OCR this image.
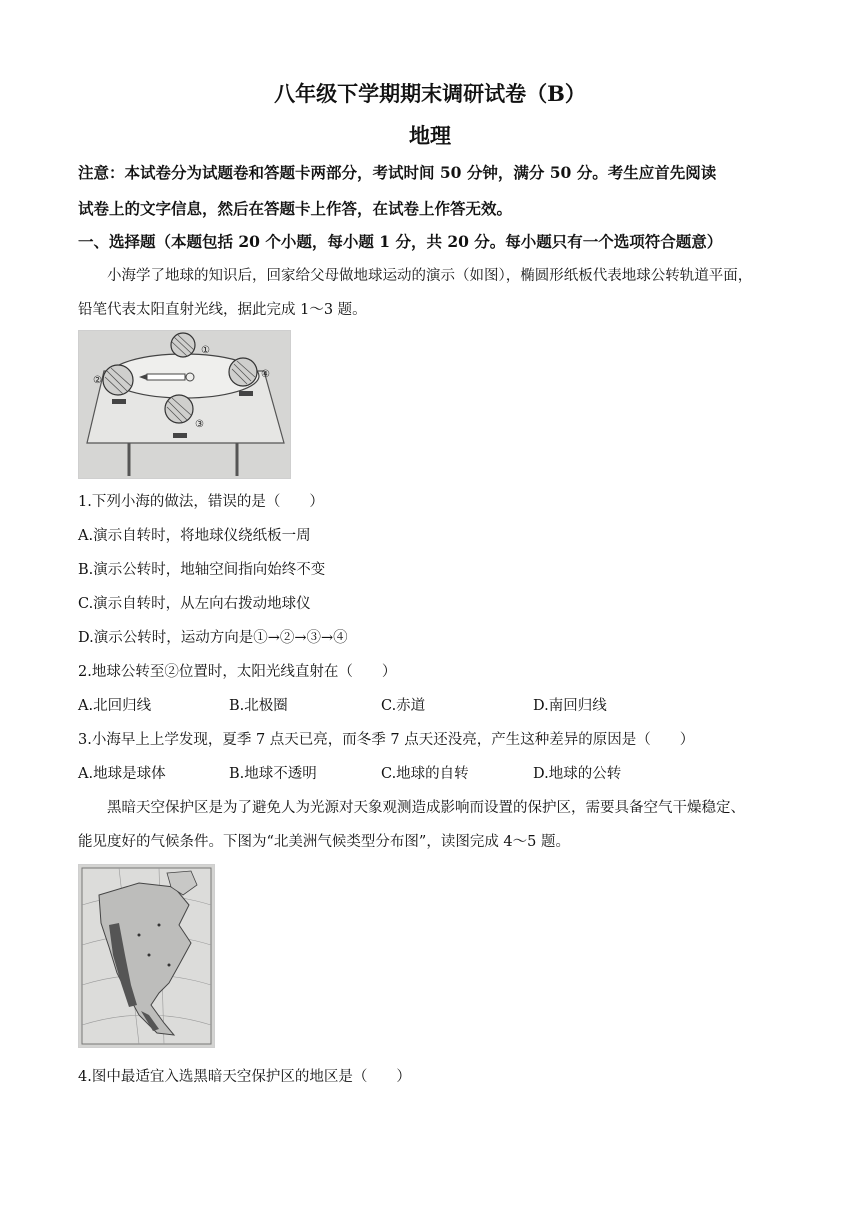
八年级下学期期末调研试卷（B）
地理
注意：本试卷分为试题卷和答题卡两部分，考试时间 50 分钟，满分 50 分。考生应首先阅读
试卷上的文字信息，然后在答题卡上作答，在试卷上作答无效。
一、选择题（本题包括 20 个小题，每小题 1 分，共 20 分。每小题只有一个选项符合题意）
小海学了地球的知识后，回家给父母做地球运动的演示（如图），椭圆形纸板代表地球公转轨道平面，
铅笔代表太阳直射光线，据此完成 1～3 题。
①
②
③
④
1.下列小海的做法，错误的是（　　）
A.演示自转时，将地球仪绕纸板一周
B.演示公转时，地轴空间指向始终不变
C.演示自转时，从左向右拨动地球仪
D.演示公转时，运动方向是①→②→③→④
2.地球公转至②位置时，太阳光线直射在（　　）
A.北回归线	B.北极圈	C.赤道	D.南回归线
3.小海早上上学发现，夏季 7 点天已亮，而冬季 7 点天还没亮，产生这种差异的原因是（　　）
A.地球是球体	B.地球不透明	C.地球的自转	D.地球的公转
黑暗天空保护区是为了避免人为光源对天象观测造成影响而设置的保护区，需要具备空气干燥稳定、
能见度好的气候条件。下图为“北美洲气候类型分布图”，读图完成 4～5 题。
4.图中最适宜入选黑暗天空保护区的地区是（　　）
